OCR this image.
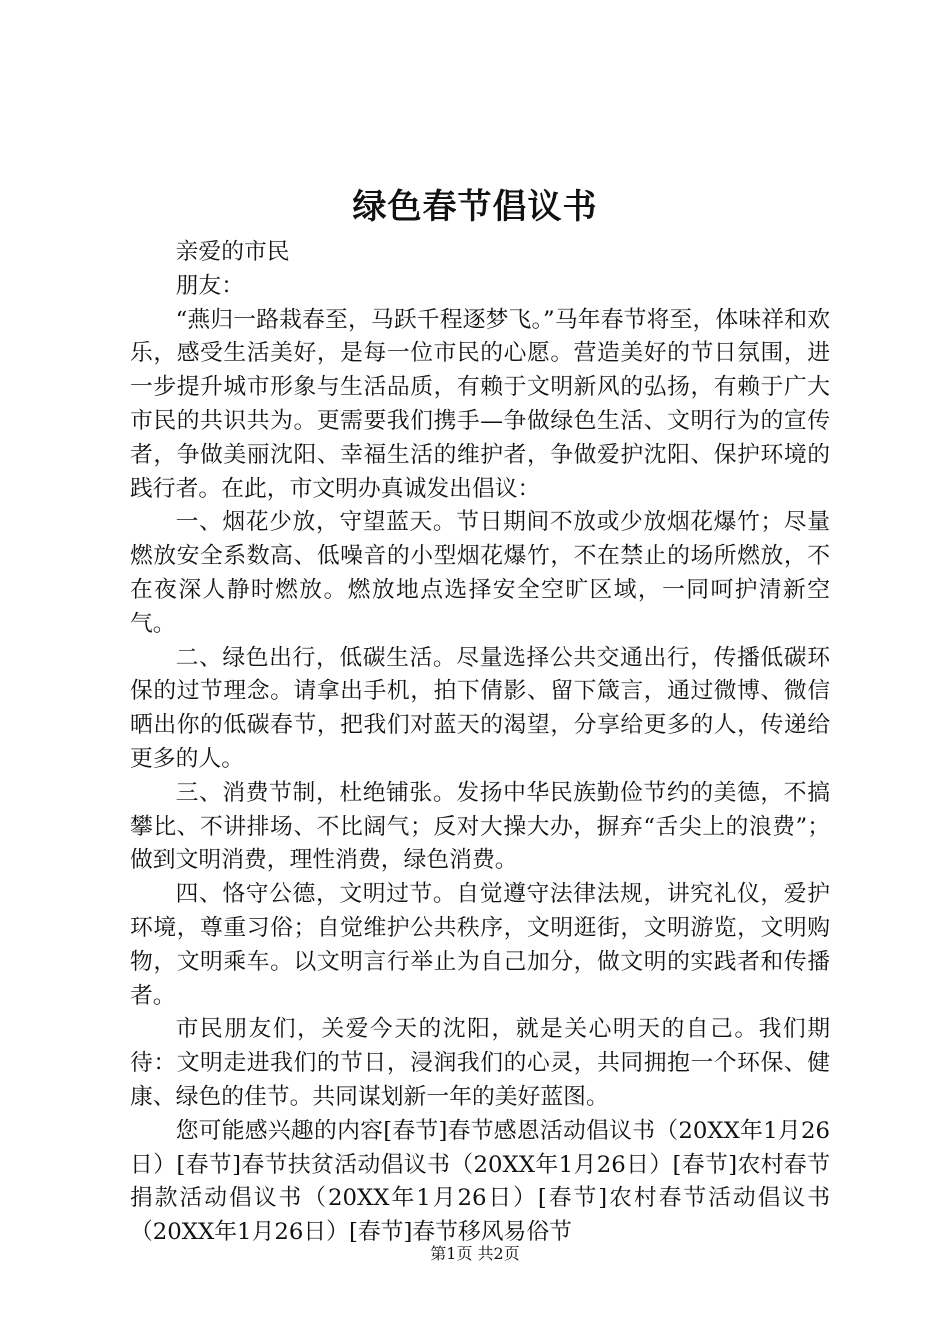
绿色春节倡议书

亲爱的市民

朋友：

“燕归一路栽春至，马跃千程逐梦飞。”马年春节将至，体味祥和欢乐，感受生活美好，是每一位市民的心愿。营造美好的节日氛围，进一步提升城市形象与生活品质，有赖于文明新风的弘扬，有赖于广大市民的共识共为。更需要我们携手—争做绿色生活、文明行为的宣传者，争做美丽沈阳、幸福生活的维护者，争做爱护沈阳、保护环境的践行者。在此，市文明办真诚发出倡议：

一、烟花少放，守望蓝天。节日期间不放或少放烟花爆竹；尽量燃放安全系数高、低噪音的小型烟花爆竹，不在禁止的场所燃放，不在夜深人静时燃放。燃放地点选择安全空旷区域，一同呵护清新空气。

二、绿色出行，低碳生活。尽量选择公共交通出行，传播低碳环保的过节理念。请拿出手机，拍下倩影、留下箴言，通过微博、微信晒出你的低碳春节，把我们对蓝天的渴望，分享给更多的人，传递给更多的人。

三、消费节制，杜绝铺张。发扬中华民族勤俭节约的美德，不搞攀比、不讲排场、不比阔气；反对大操大办，摒弃“舌尖上的浪费”；做到文明消费，理性消费，绿色消费。

四、恪守公德，文明过节。自觉遵守法律法规，讲究礼仪，爱护环境，尊重习俗；自觉维护公共秩序，文明逛街，文明游览，文明购物，文明乘车。以文明言行举止为自己加分，做文明的实践者和传播者。

市民朋友们，关爱今天的沈阳，就是关心明天的自己。我们期待：文明走进我们的节日，浸润我们的心灵，共同拥抱一个环保、健康、绿色的佳节。共同谋划新一年的美好蓝图。

您可能感兴趣的内容[春节]春节感恩活动倡议书（20XX年1月26日）[春节]春节扶贫活动倡议书（20XX年1月26日）[春节]农村春节捐款活动倡议书（20XX年1月26日）[春节]农村春节活动倡议书（20XX年1月26日）[春节]春节移风易俗节

第1页 共2页
